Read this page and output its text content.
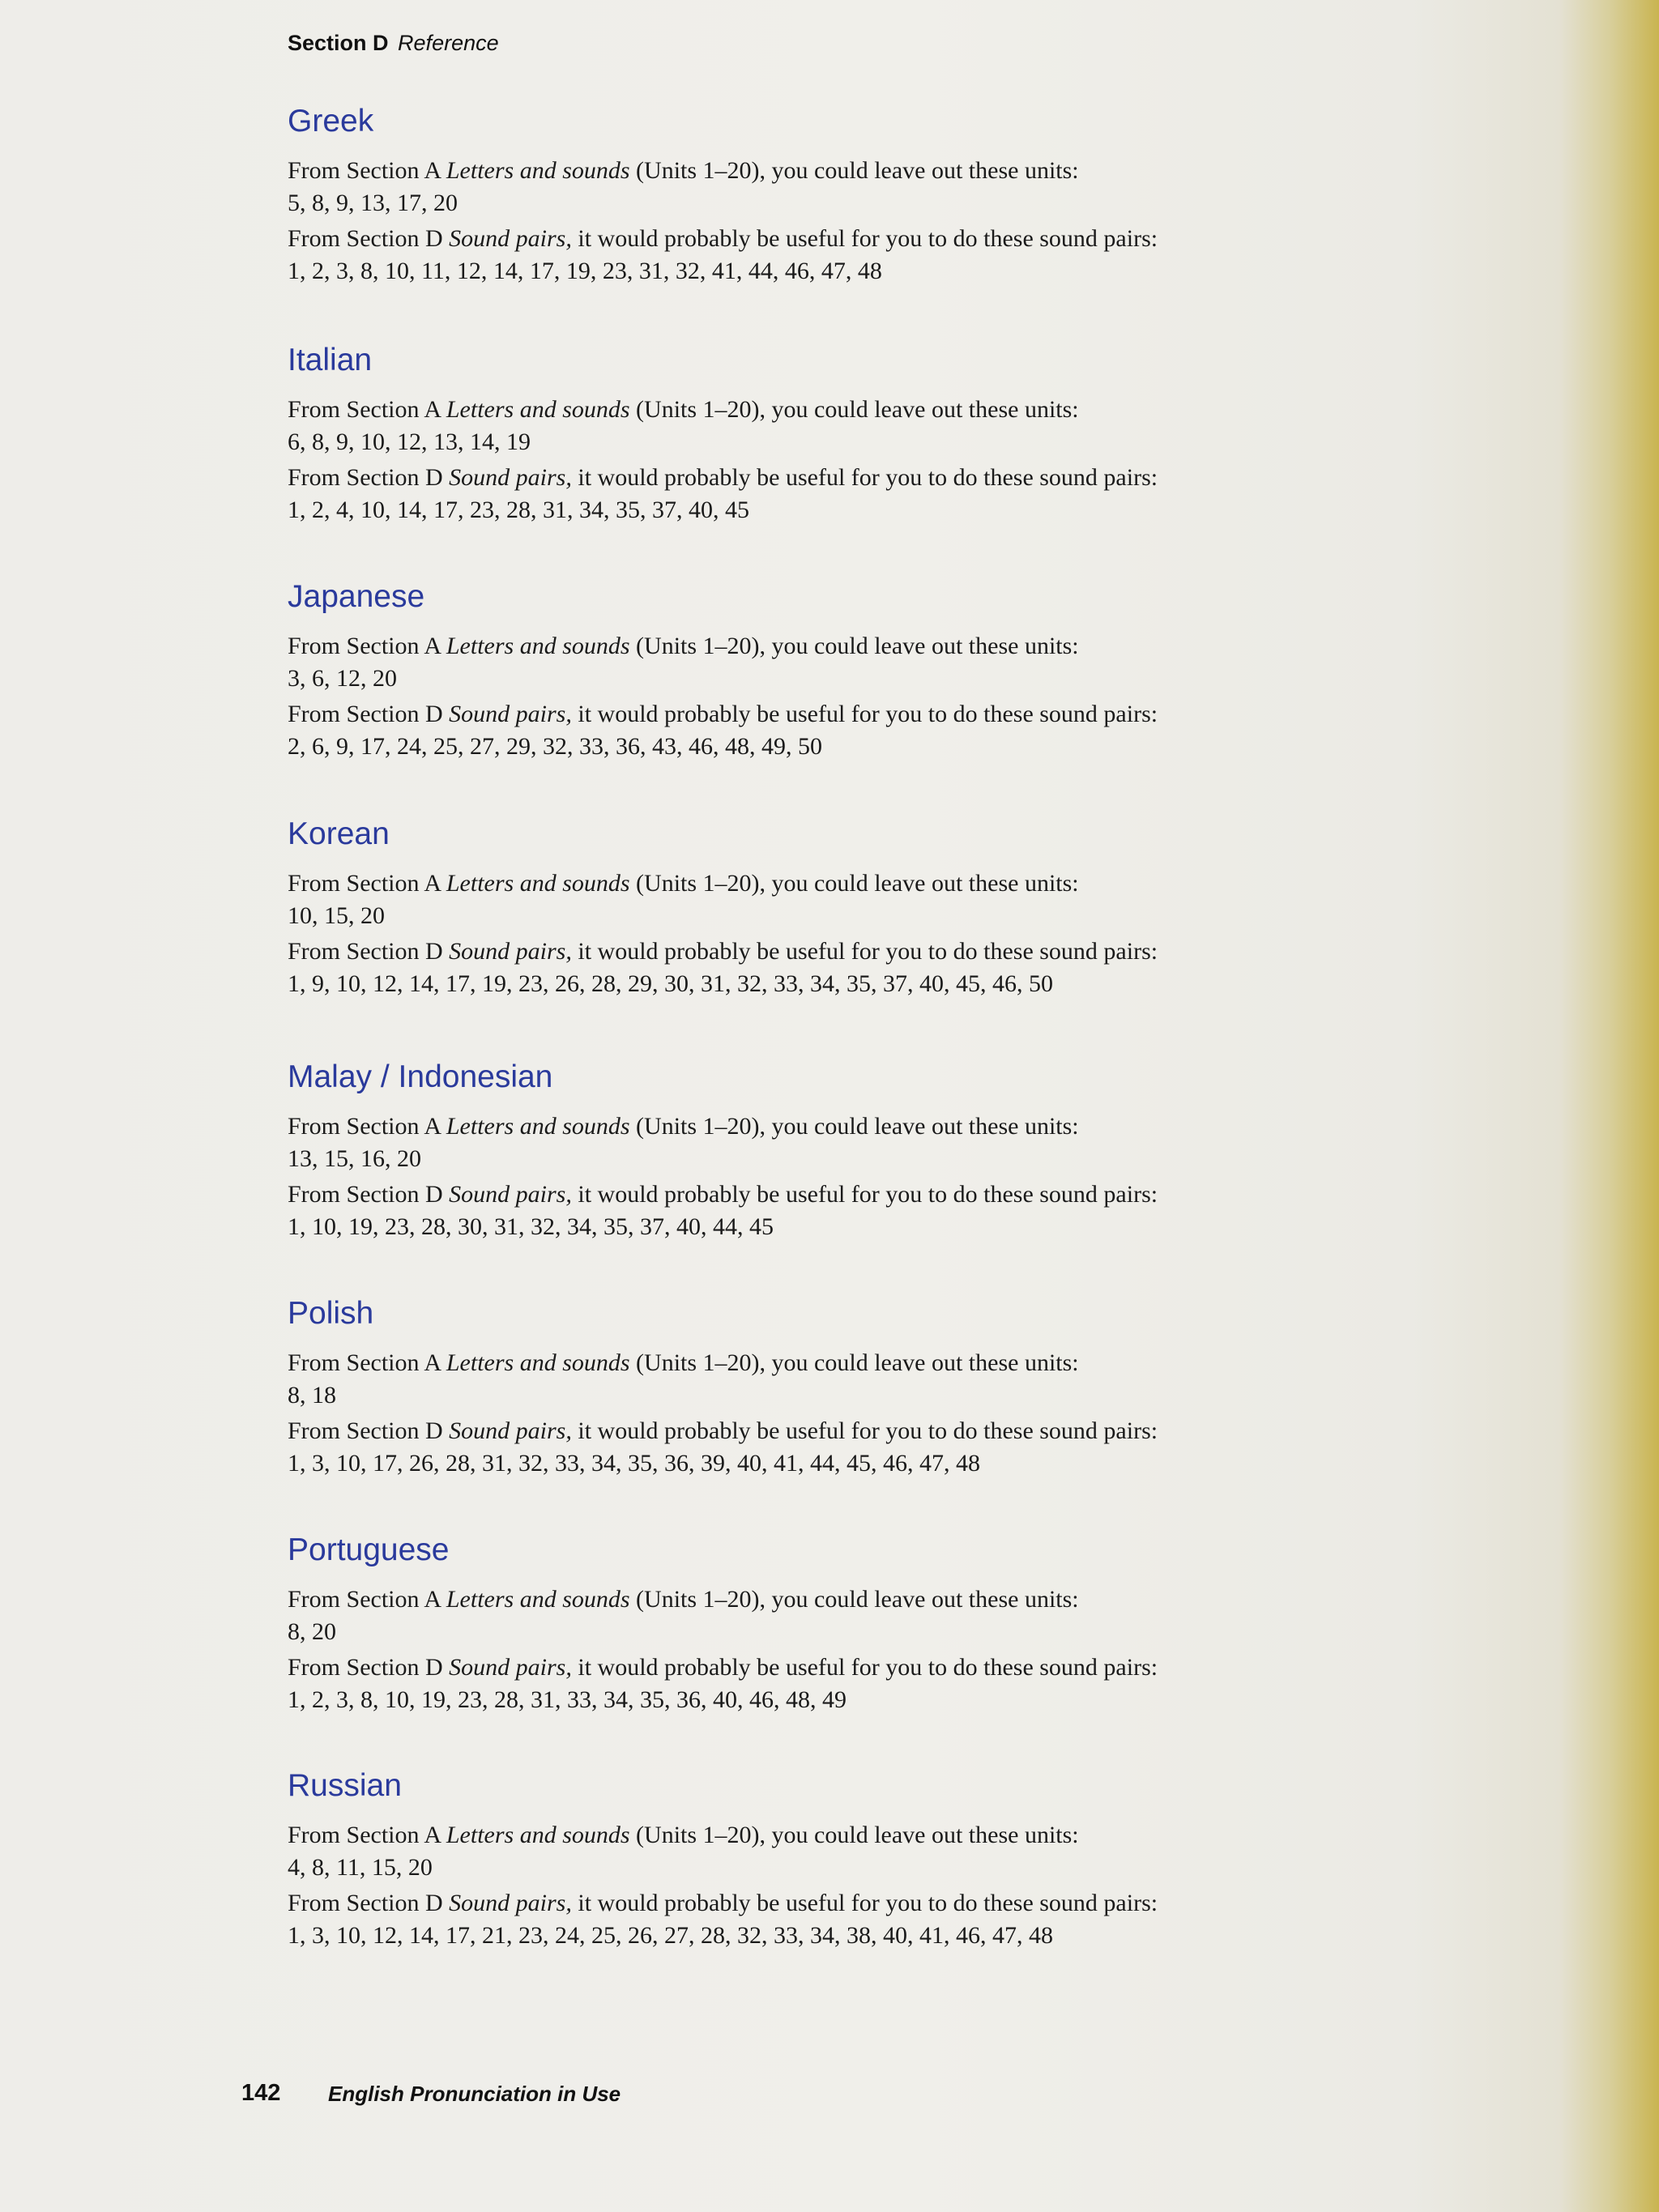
Section D Reference
Greek

From Section A Letters and sounds (Units 1–20), you could leave out these units:

5, 8, 9, 13, 17, 20

From Section D Sound pairs, it would probably be useful for you to do these sound pairs:

1, 2, 3, 8, 10, 11, 12, 14, 17, 19, 23, 31, 32, 41, 44, 46, 47, 48

Italian

From Section A Letters and sounds (Units 1–20), you could leave out these units:

6, 8, 9, 10, 12, 13, 14, 19

From Section D Sound pairs, it would probably be useful for you to do these sound pairs:

1, 2, 4, 10, 14, 17, 23, 28, 31, 34, 35, 37, 40, 45

Japanese

From Section A Letters and sounds (Units 1–20), you could leave out these units:

3, 6, 12, 20

From Section D Sound pairs, it would probably be useful for you to do these sound pairs:

2, 6, 9, 17, 24, 25, 27, 29, 32, 33, 36, 43, 46, 48, 49, 50

Korean

From Section A Letters and sounds (Units 1–20), you could leave out these units:

10, 15, 20

From Section D Sound pairs, it would probably be useful for you to do these sound pairs:

1, 9, 10, 12, 14, 17, 19, 23, 26, 28, 29, 30, 31, 32, 33, 34, 35, 37, 40, 45, 46, 50

Malay / Indonesian

From Section A Letters and sounds (Units 1–20), you could leave out these units:

13, 15, 16, 20

From Section D Sound pairs, it would probably be useful for you to do these sound pairs:

1, 10, 19, 23, 28, 30, 31, 32, 34, 35, 37, 40, 44, 45

Polish

From Section A Letters and sounds (Units 1–20), you could leave out these units:

8, 18

From Section D Sound pairs, it would probably be useful for you to do these sound pairs:

1, 3, 10, 17, 26, 28, 31, 32, 33, 34, 35, 36, 39, 40, 41, 44, 45, 46, 47, 48

Portuguese

From Section A Letters and sounds (Units 1–20), you could leave out these units:

8, 20

From Section D Sound pairs, it would probably be useful for you to do these sound pairs:

1, 2, 3, 8, 10, 19, 23, 28, 31, 33, 34, 35, 36, 40, 46, 48, 49

Russian

From Section A Letters and sounds (Units 1–20), you could leave out these units:

4, 8, 11, 15, 20

From Section D Sound pairs, it would probably be useful for you to do these sound pairs:

1, 3, 10, 12, 14, 17, 21, 23, 24, 25, 26, 27, 28, 32, 33, 34, 38, 40, 41, 46, 47, 48

142 English Pronunciation in Use
